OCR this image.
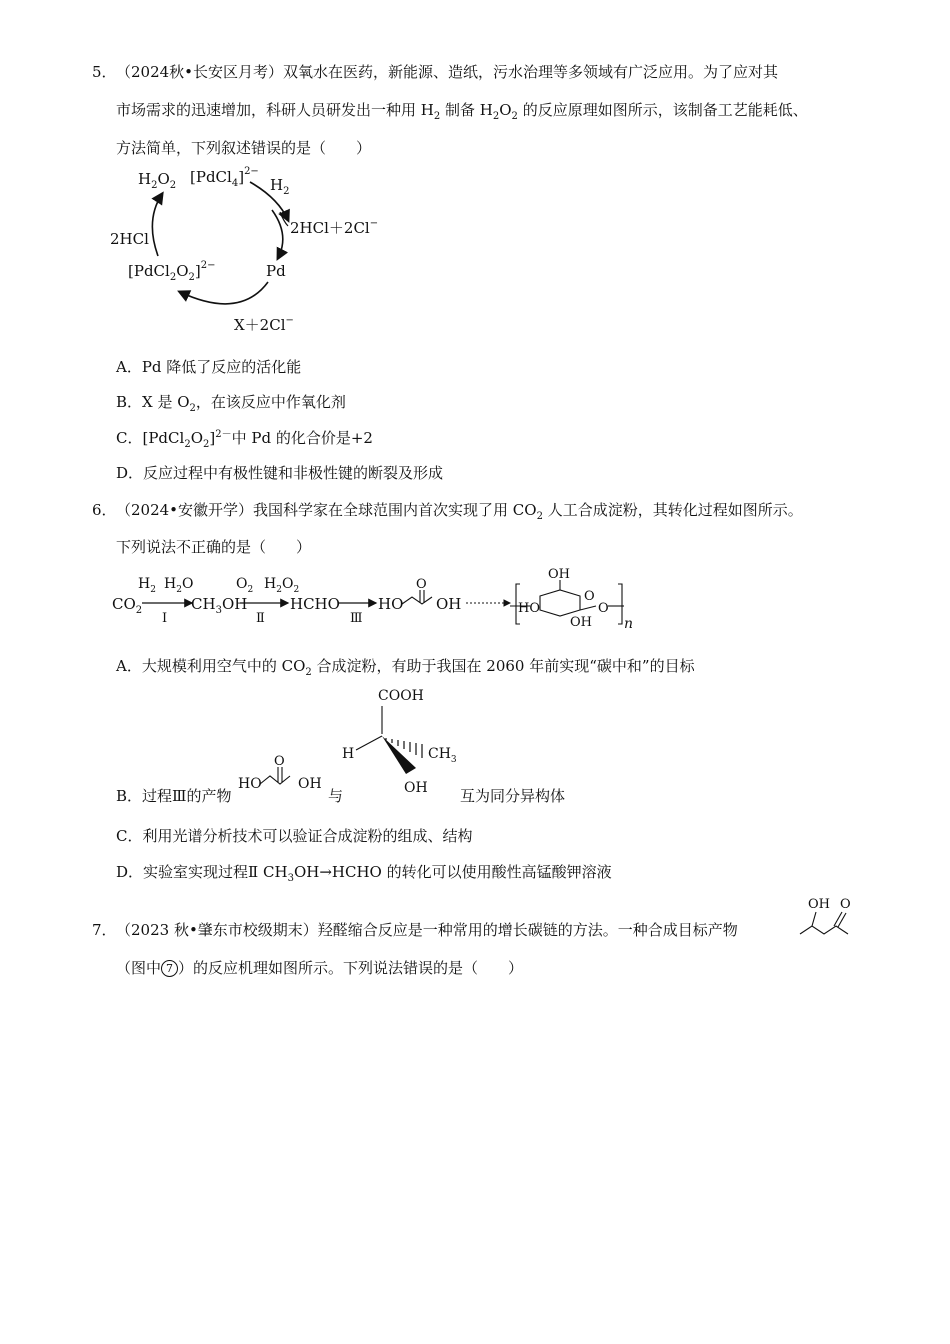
5．（2024秋•长安区月考）双氧水在医药，新能源、造纸，污水治理等多领域有广泛应用。为了应对其
市场需求的迅速增加，科研人员研发出一种用 $H_2$ 制备 $H_2O_2$ 的反应原理如图所示，该制备工艺能耗低、
方法简单，下列叙述错误的是（　　）
$H_2O_2$ [PdCl$_4$]$^{2-}$
$H_2$
2HCl＋2Cl−
2HCl
$[PdCl_2O_2]^{2-}$	Pd
X＋2Cl−
A．Pd 降低了反应的活化能
B．X 是 $O_2$，在该反应中作氧化剂
C．$[PdCl_2O_2]^{2-}$中 Pd 的化合价是+2
D．反应过程中有极性键和非极性键的断裂及形成
6．（2024•安徽开学）我国科学家在全球范围内首次实现了用 $CO_2$ 人工合成淀粉，其转化过程如图所示。
下列说法不正确的是（　　）
$CO_2$
$H_2$ $H_2O$
I
$CH_3OH$
$O_2$ $H_2O_2$
Ⅱ
HCHO
Ⅲ
HO
O
OH
OH
O
HO
OH
O
n
A．大规模利用空气中的 $CO_2$ 合成淀粉，有助于我国在 2060 年前实现“碳中和”的目标
B．过程Ⅲ的产物
HO
O
OH
与
COOH
H	$CH_3$
OH 互为同分异构体
C．利用光谱分析技术可以验证合成淀粉的组成、结构
D．实验室实现过程Ⅱ $CH_3OH\to HCHO$ 的转化可以使用酸性高锰酸钾溶液
7．（2023 秋•肇东市校级期末）羟醛缩合反应是一种常用的增长碳链的方法。一种合成目标产物
OH O
（图中 7 ）的反应机理如图所示。下列说法错误的是（　　）
